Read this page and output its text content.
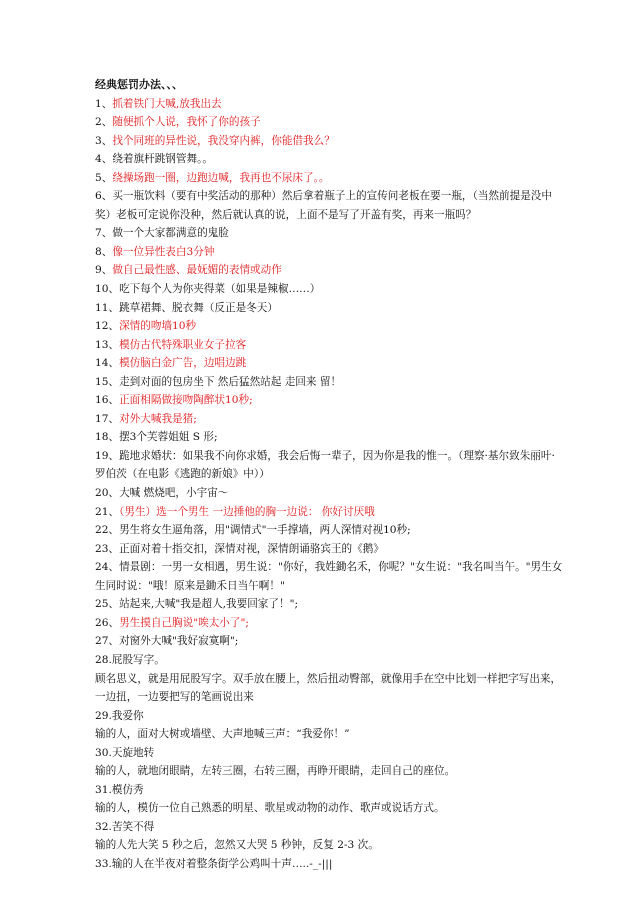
经典惩罚办法、、、
1、抓着铁门大喊,放我出去
2、随便抓个人说，我怀了你的孩子
3、找个同班的异性说，我没穿内裤，你能借我么？
4、绕着旗杆跳钢管舞。。
5、绕操场跑一圈，边跑边喊，我再也不尿床了。。
6、买一瓶饮料（要有中奖活动的那种）然后拿着瓶子上的宣传问老板在要一瓶，（当然前提是没中奖）老板可定说你没种，然后就认真的说，上面不是写了开盖有奖，再来一瓶吗？
7、做一个大家都满意的鬼脸
8、像一位异性表白3分钟
9、做自己最性感、最妩媚的表情或动作
10、吃下每个人为你夹得菜（如果是辣椒……）
11、跳草裙舞、脱衣舞（反正是冬天）
12、深情的吻墙10秒
13、模仿古代特殊职业女子拉客
14、模仿脑白金广告，边唱边跳
15、走到对面的包房坐下 然后猛然站起 走回来 留！
16、正面相隔做接吻陶醉状10秒;
17、对外大喊我是猪;
18、摆3个芙蓉姐姐 S 形;
19、跪地求婚状：如果我不向你求婚，我会后悔一辈子，因为你是我的惟一。（理察·基尔致朱丽叶·罗伯茨（在电影《逃跑的新娘》中））
20、大喊 燃烧吧，小宇宙～
21、（男生）选一个男生 一边捶他的胸一边说： 你好讨厌哦
22、男生将女生逼角落，用"调情式"一手撑墙，两人深情对视10秒;
23、正面对着十指交扣，深情对视，深情朗诵骆宾王的《鹅》
24、情景剧：一男一女相遇，男生说："你好，我姓鋤名禾，你呢？"女生说："我名叫当午。"男生女生同时说："哦！原来是鋤禾日当午啊！"
25、站起来,大喊"我是超人,我要回家了！";
26、男生摸自己胸说"唉太小了";
27、对窗外大喊"我好寂寞啊";
28.屁股写字。
顾名思义，就是用屁股写字。双手放在腰上，然后扭动臀部，就像用手在空中比划一样把字写出来，一边扭，一边要把写的笔画说出来
29.我爱你
输的人，面对大树或墙壁、大声地喊三声：“我爱你！”
30.天旋地转
输的人，就地闭眼睛，左转三圈，右转三圈，再睁开眼睛，走回自己的座位。
31.模仿秀
输的人，模仿一位自己熟悉的明星、歌星或动物的动作、歌声或说话方式。
32.苦笑不得
输的人先大笑 5 秒之后，忽然又大哭 5 秒钟，反复 2-3 次。
33.输的人在半夜对着整条街学公鸡叫十声…..-_-|||
